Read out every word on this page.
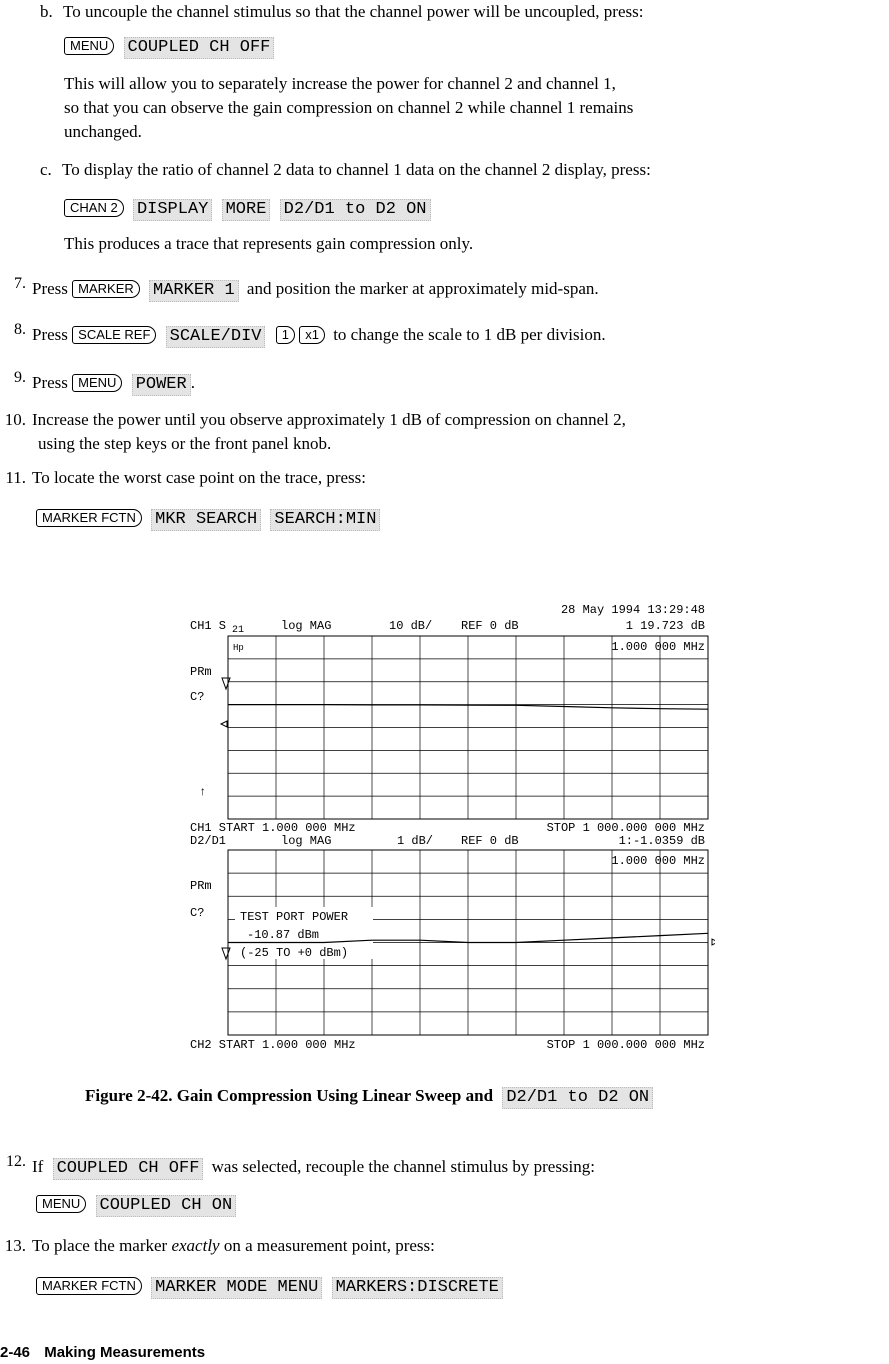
b. To uncouple the channel stimulus so that the channel power will be uncoupled, press:
MENU COUPLED CH OFF
This will allow you to separately increase the power for channel 2 and channel 1,
so that you can observe the gain compression on channel 2 while channel 1 remains
unchanged.
c. To display the ratio of channel 2 data to channel 1 data on the channel 2 display, press:
CHAN 2 DISPLAY MORE D2/D1 to D2 ON
This produces a trace that represents gain compression only.
7. Press MARKER MARKER 1 and position the marker at approximately mid-span.
8. Press SCALE REF SCALE/DIV 1 x1 to change the scale to 1 dB per division.
9. Press MENU POWER .
10. Increase the power until you observe approximately 1 dB of compression on channel 2,
using the step keys or the front panel knob.
11. To locate the worst case point on the trace, press:
MARKER FCTN MKR SEARCH SEARCH:MIN
28 May 1994 13:29:48
CH1 S 21	log MAG	10 dB/ REF 0 dB	1 19.723 dB
Hp	1.000 000 MHz
PRm
C?
↑
CH1 START 1.000 000 MHz	STOP 1 000.000 000 MHz
D2/D1	log MAG	1 dB/ REF 0 dB	1:-1.0359 dB
1.000 000 MHz
PRm
C?	TEST PORT POWER
-10.87 dBm
(-25 TO +0 dBm)
CH2 START 1.000 000 MHz	STOP 1 000.000 000 MHz
Figure 2-42. Gain Compression Using Linear Sweep and D2/D1 to D2 ON
12. If COUPLED CH OFF was selected, recouple the channel stimulus by pressing:
MENU COUPLED CH ON
13. To place the marker exactly on a measurement point, press:
MARKER FCTN MARKER MODE MENU MARKERS:DISCRETE
2-46 Making Measurements
